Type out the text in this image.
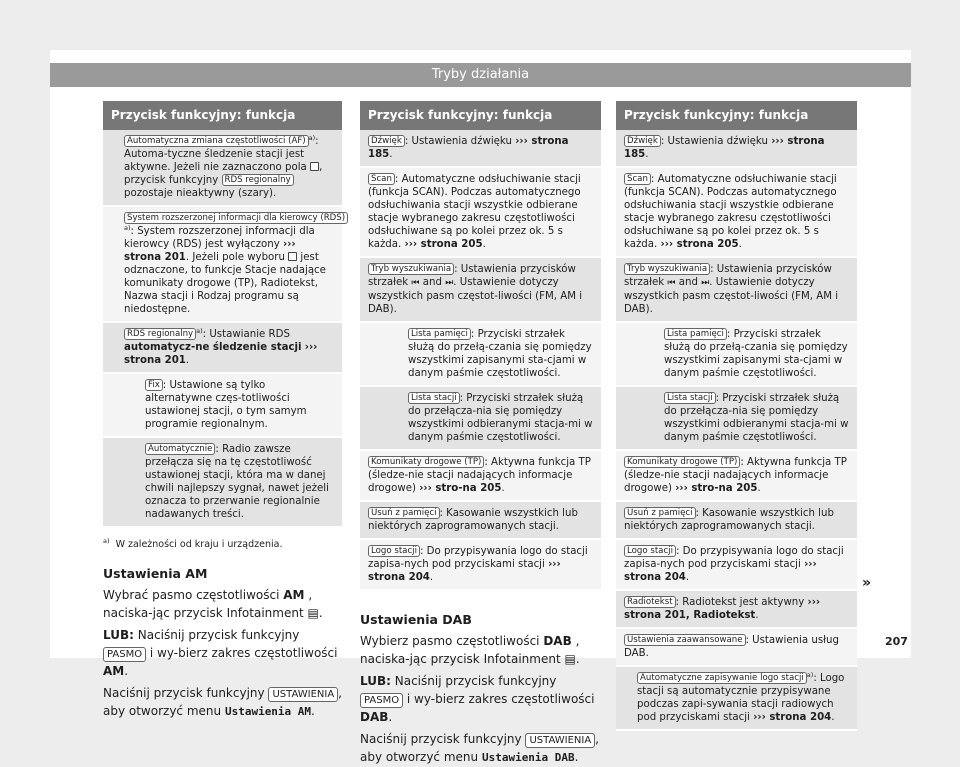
Tryby działania
Przycisk funkcyjny: funkcja
Automatyczna zmiana częstotliwości (AF) $^{a)}$: Automa-tyczne śledzenie stacji jest aktywne. Jeżeli nie zaznaczono pola , przycisk funkcyjny RDS regionalny pozostaje nieaktywny (szary).
System rozszerzonej informacji dla kierowcy (RDS)$^{a)}$: System rozszerzonej informacji dla kierowcy (RDS) jest wyłączony ››› strona 201. Jeżeli pole wyboru jest odznaczone, to funkcje Stacje nadające komunikaty drogowe (TP), Radiotekst, Nazwa stacji i Rodzaj programu są niedostępne.
RDS regionalny $^{a)}$: Ustawianie RDS automatycz-ne śledzenie stacji ››› strona 201.
Fix : Ustawione są tylko alternatywne częs-totliwości ustawionej stacji, o tym samym programie regionalnym.
Automatycznie : Radio zawsze przełącza się na tę częstotliwość ustawionej stacji, która ma w danej chwili najlepszy sygnał, nawet jeżeli oznacza to przerwanie regionalnie nadawanych treści.
$^{a)}$ W zależności od kraju i urządzenia.
Ustawienia AM
Wybrać pasmo częstotliwości AM , naciska-jąc przycisk Infotainment ▤.
LUB: Naciśnij przycisk funkcyjny PASMO i wy-bierz zakres częstotliwości AM.
Naciśnij przycisk funkcyjny USTAWIENIA , aby otworzyć menu Ustawienia AM.
Przycisk funkcyjny: funkcja
Dźwięk : Ustawienia dźwięku ››› strona 185.
Scan : Automatyczne odsłuchiwanie stacji (funkcja SCAN). Podczas automatycznego odsłuchiwania stacji wszystkie odbierane stacje wybranego zakresu częstotliwości odsłuchiwane są po kolei przez ok. 5 s każda. ››› strona 205.
Tryb wyszukiwania : Ustawienia przycisków strzałek ⏮ and ⏭. Ustawienie dotyczy wszystkich pasm częstot-liwości (FM, AM i DAB).
Lista pamięci : Przyciski strzałek służą do przełą-czania się pomiędzy wszystkimi zapisanymi sta-cjami w danym paśmie częstotliwości.
Lista stacji : Przyciski strzałek służą do przełącza-nia się pomiędzy wszystkimi odbieranymi stacja-mi w danym paśmie częstotliwości.
Komunikaty drogowe (TP) : Aktywna funkcja TP (śledze-nie stacji nadających informacje drogowe) ››› stro-na 205.
Usuń z pamięci : Kasowanie wszystkich lub niektórych zaprogramowanych stacji.
Logo stacji : Do przypisywania logo do stacji zapisa-nych pod przyciskami stacji ››› strona 204.
Ustawienia DAB
Wybierz pasmo częstotliwości DAB , naciska-jąc przycisk Infotainment ▤.
LUB: Naciśnij przycisk funkcyjny PASMO i wy-bierz zakres częstotliwości DAB.
Naciśnij przycisk funkcyjny USTAWIENIA , aby otworzyć menu Ustawienia DAB.
Przycisk funkcyjny: funkcja
Dźwięk : Ustawienia dźwięku ››› strona 185.
Scan : Automatyczne odsłuchiwanie stacji (funkcja SCAN). Podczas automatycznego odsłuchiwania stacji wszystkie odbierane stacje wybranego zakresu częstotliwości odsłuchiwane są po kolei przez ok. 5 s każda. ››› strona 205.
Tryb wyszukiwania : Ustawienia przycisków strzałek ⏮ and ⏭. Ustawienie dotyczy wszystkich pasm częstot-liwości (FM, AM i DAB).
Lista pamięci : Przyciski strzałek służą do przełą-czania się pomiędzy wszystkimi zapisanymi sta-cjami w danym paśmie częstotliwości.
Lista stacji : Przyciski strzałek służą do przełącza-nia się pomiędzy wszystkimi odbieranymi stacja-mi w danym paśmie częstotliwości.
Komunikaty drogowe (TP) : Aktywna funkcja TP (śledze-nie stacji nadających informacje drogowe) ››› stro-na 205.
Usuń z pamięci : Kasowanie wszystkich lub niektórych zaprogramowanych stacji.
Logo stacji : Do przypisywania logo do stacji zapisa-nych pod przyciskami stacji ››› strona 204.
Radiotekst : Radiotekst jest aktywny ››› strona 201, Radiotekst.
Ustawienia zaawansowane : Ustawienia usług DAB.
Automatyczne zapisywanie logo stacji $^{a)}$: Logo stacji są automatycznie przypisywane podczas zapi-sywania stacji radiowych pod przyciskami stacji ››› strona 204.
»
207
